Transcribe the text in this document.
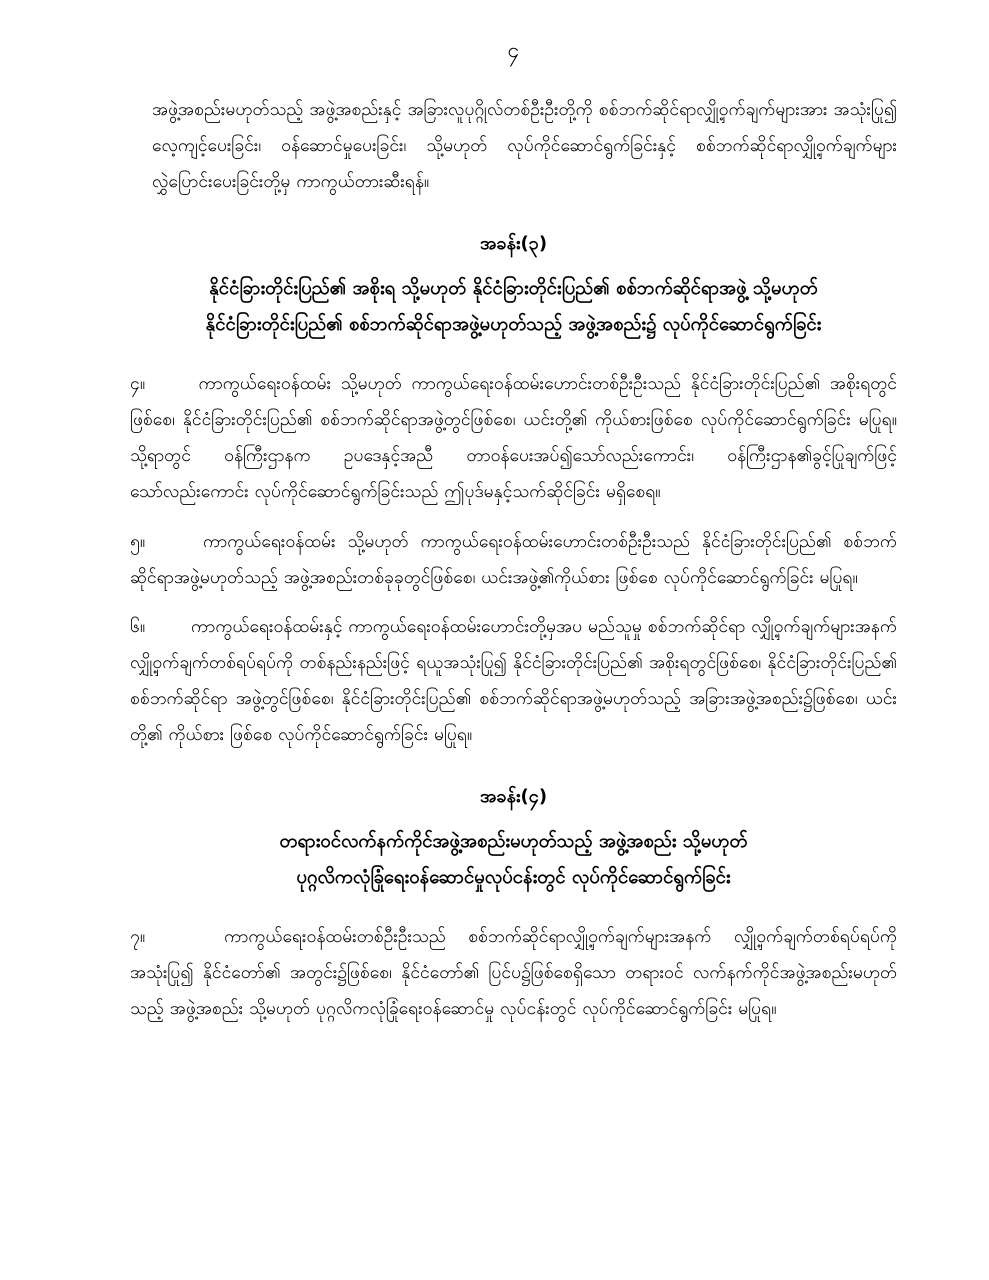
၄

အဖွဲ့အစည်းမဟုတ်သည့် အဖွဲ့အစည်းနှင့် အခြားလူပုဂ္ဂိုလ်တစ်ဦးဦးတို့ကို စစ်ဘက်ဆိုင်ရာလျှို့ဝှက်ချက်များအား အသုံးပြု၍ လေ့ကျင့်ပေးခြင်း၊ ဝန်ဆောင်မှုပေးခြင်း၊ သို့မဟုတ် လုပ်ကိုင်ဆောင်ရွက်ခြင်းနှင့် စစ်ဘက်ဆိုင်ရာလျှို့ဝှက်ချက်များ လွှဲပြောင်းပေးခြင်းတို့မှ ကာကွယ်တားဆီးရန်။

အခန်း(၃)
နိုင်ငံခြားတိုင်းပြည်၏ အစိုးရ သို့မဟုတ် နိုင်ငံခြားတိုင်းပြည်၏ စစ်ဘက်ဆိုင်ရာအဖွဲ့ သို့မဟုတ်
နိုင်ငံခြားတိုင်းပြည်၏ စစ်ဘက်ဆိုင်ရာအဖွဲ့မဟုတ်သည့် အဖွဲ့အစည်း၌ လုပ်ကိုင်ဆောင်ရွက်ခြင်း

၄။	ကာကွယ်ရေးဝန်ထမ်း သို့မဟုတ် ကာကွယ်ရေးဝန်ထမ်းဟောင်းတစ်ဦးဦးသည် နိုင်ငံခြားတိုင်းပြည်၏ အစိုးရတွင်ဖြစ်စေ၊ နိုင်ငံခြားတိုင်းပြည်၏ စစ်ဘက်ဆိုင်ရာအဖွဲ့တွင်ဖြစ်စေ၊ ယင်းတို့၏ ကိုယ်စားဖြစ်စေ လုပ်ကိုင်ဆောင်ရွက်ခြင်း မပြုရ။ သို့ရာတွင် ဝန်ကြီးဌာနက ဥပဒေနှင့်အညီ တာဝန်ပေးအပ်၍သော်လည်းကောင်း၊ ဝန်ကြီးဌာန၏ခွင့်ပြုချက်ဖြင့်သော်လည်းကောင်း လုပ်ကိုင်ဆောင်ရွက်ခြင်းသည် ဤပုဒ်မနှင့်သက်ဆိုင်ခြင်း မရှိစေရ။

၅။	ကာကွယ်ရေးဝန်ထမ်း သို့မဟုတ် ကာကွယ်ရေးဝန်ထမ်းဟောင်းတစ်ဦးဦးသည် နိုင်ငံခြားတိုင်းပြည်၏ စစ်ဘက်ဆိုင်ရာအဖွဲ့မဟုတ်သည့် အဖွဲ့အစည်းတစ်ခုခုတွင်ဖြစ်စေ၊ ယင်းအဖွဲ့၏ကိုယ်စား ဖြစ်စေ လုပ်ကိုင်ဆောင်ရွက်ခြင်း မပြုရ။

၆။	ကာကွယ်ရေးဝန်ထမ်းနှင့် ကာကွယ်ရေးဝန်ထမ်းဟောင်းတို့မှအပ မည်သူမှု စစ်ဘက်ဆိုင်ရာ လျှို့ဝှက်ချက်များအနက် လျှို့ဝှက်ချက်တစ်ရပ်ရပ်ကို တစ်နည်းနည်းဖြင့် ရယူအသုံးပြု၍ နိုင်ငံခြားတိုင်းပြည်၏ အစိုးရတွင်ဖြစ်စေ၊ နိုင်ငံခြားတိုင်းပြည်၏ စစ်ဘက်ဆိုင်ရာ အဖွဲ့တွင်ဖြစ်စေ၊ နိုင်ငံခြားတိုင်းပြည်၏ စစ်ဘက်ဆိုင်ရာအဖွဲ့မဟုတ်သည့် အခြားအဖွဲ့အစည်း၌ဖြစ်စေ၊ ယင်းတို့၏ ကိုယ်စား ဖြစ်စေ လုပ်ကိုင်ဆောင်ရွက်ခြင်း မပြုရ။

အခန်း(၄)
တရားဝင်လက်နက်ကိုင်အဖွဲ့အစည်းမဟုတ်သည့် အဖွဲ့အစည်း သို့မဟုတ်
ပုဂ္ဂလိကလုံခြုံရေးဝန်ဆောင်မှုလုပ်ငန်းတွင် လုပ်ကိုင်ဆောင်ရွက်ခြင်း

၇။	ကာကွယ်ရေးဝန်ထမ်းတစ်ဦးဦးသည် စစ်ဘက်ဆိုင်ရာလျှို့ဝှက်ချက်များအနက် လျှို့ဝှက်ချက်တစ်ရပ်ရပ်ကို အသုံးပြု၍ နိုင်ငံတော်၏ အတွင်း၌ဖြစ်စေ၊ နိုင်ငံတော်၏ ပြင်ပ၌ဖြစ်စေရှိသော တရားဝင် လက်နက်ကိုင်အဖွဲ့အစည်းမဟုတ်သည့် အဖွဲ့အစည်း သို့မဟုတ် ပုဂ္ဂလိကလုံခြုံရေးဝန်ဆောင်မှု လုပ်ငန်းတွင် လုပ်ကိုင်ဆောင်ရွက်ခြင်း မပြုရ။
